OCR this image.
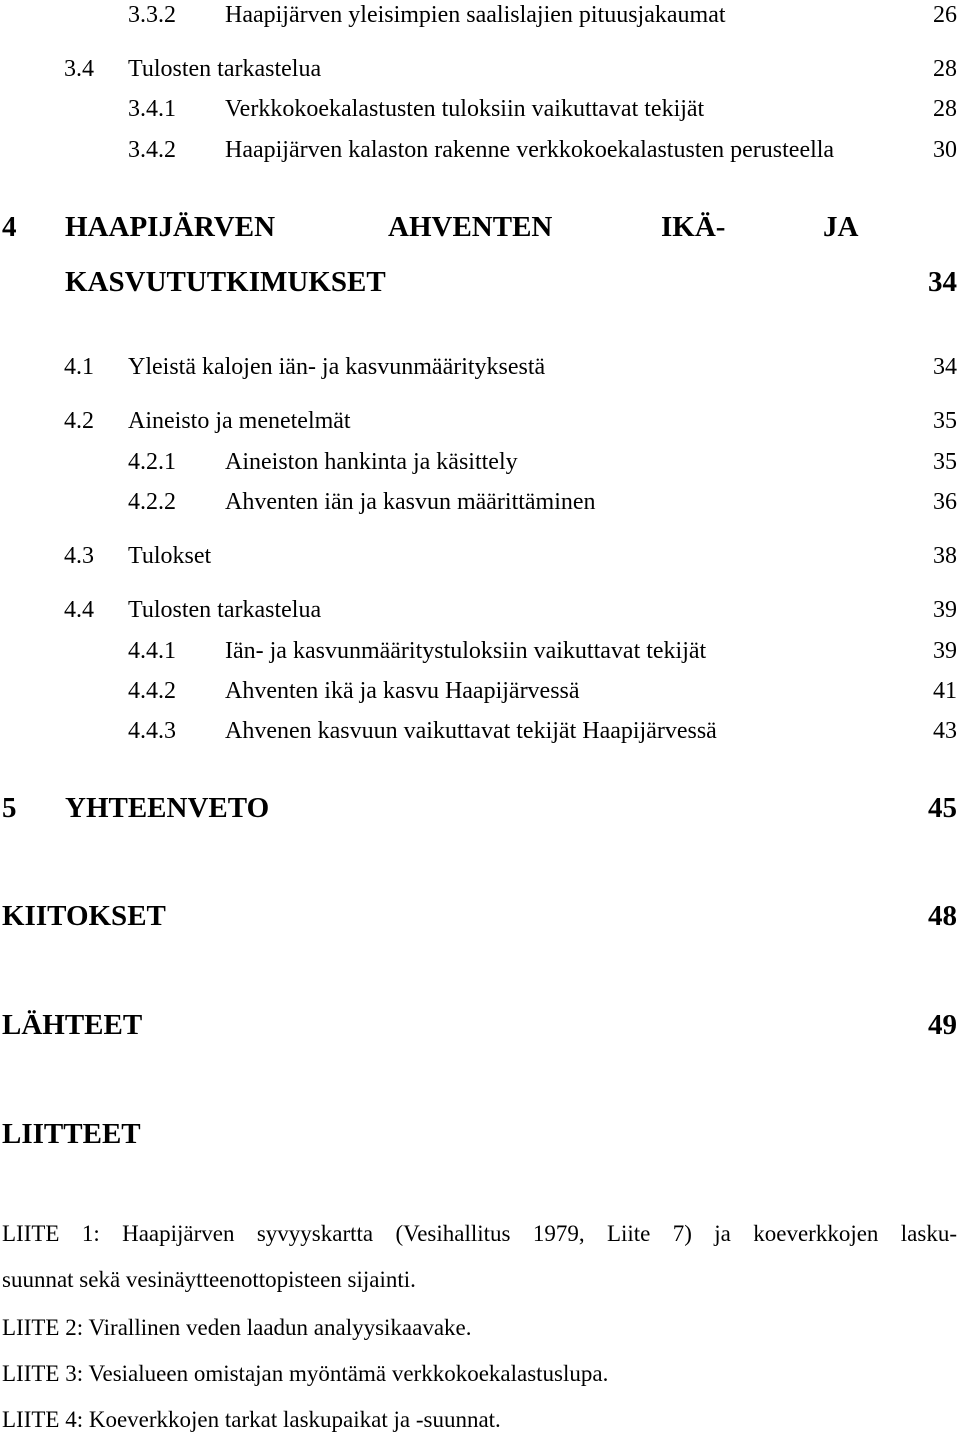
3.3.2 Haapijärven yleisimpien saalislajien pituusjakaumat	26
3.4 Tulosten tarkastelua	28
3.4.1 Verkkokoekalastusten tuloksiin vaikuttavat tekijät	28
3.4.2 Haapijärven kalaston rakenne verkkokoekalastusten perusteella	30
4 HAAPIJÄRVEN	AHVENTEN	IKÄ-	JA
KASVUTUTKIMUKSET	34
4.1 Yleistä kalojen iän- ja kasvunmäärityksestä	34
4.2 Aineisto ja menetelmät	35
4.2.1 Aineiston hankinta ja käsittely	35
4.2.2 Ahventen iän ja kasvun määrittäminen	36
4.3 Tulokset	38
4.4 Tulosten tarkastelua	39
4.4.1 Iän- ja kasvunmääritystuloksiin vaikuttavat tekijät	39
4.4.2 Ahventen ikä ja kasvu Haapijärvessä	41
4.4.3 Ahvenen kasvuun vaikuttavat tekijät Haapijärvessä	43
5 YHTEENVETO	45
KIITOKSET	48
LÄHTEET	49
LIITTEET
LIITE 1: Haapijärven syvyyskartta (Vesihallitus 1979, Liite 7) ja koeverkkojen lasku-
suunnat sekä vesinäytteenottopisteen sijainti.
LIITE 2: Virallinen veden laadun analyysikaavake.
LIITE 3: Vesialueen omistajan myöntämä verkkokoekalastuslupa.
LIITE 4: Koeverkkojen tarkat laskupaikat ja -suunnat.
